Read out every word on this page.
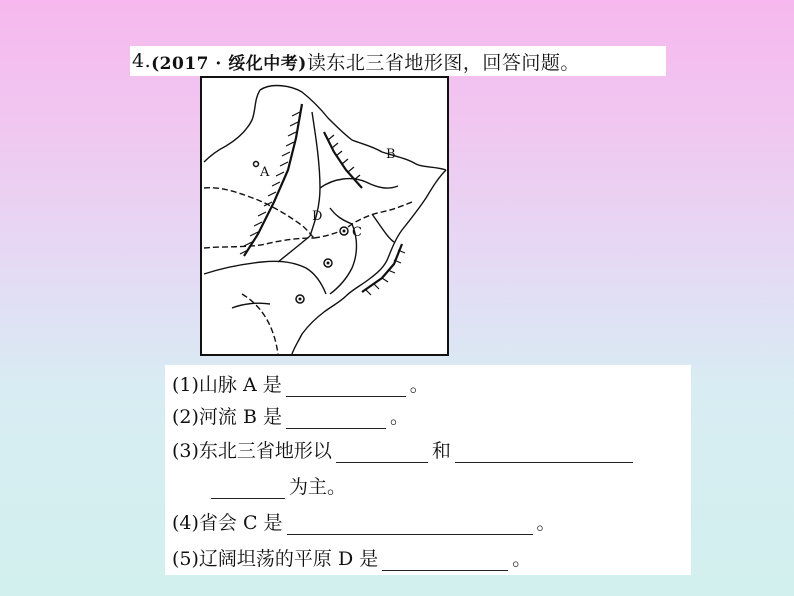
4. (2017 · 绥化中考) 读东北三省地形图，回答问题。
A
B
C
D
(1)山脉 A 是	。
(2)河流 B 是	。
(3)东北三省地形以	和
为主。
(4)省会 C 是	。
(5)辽阔坦荡的平原 D 是	。
